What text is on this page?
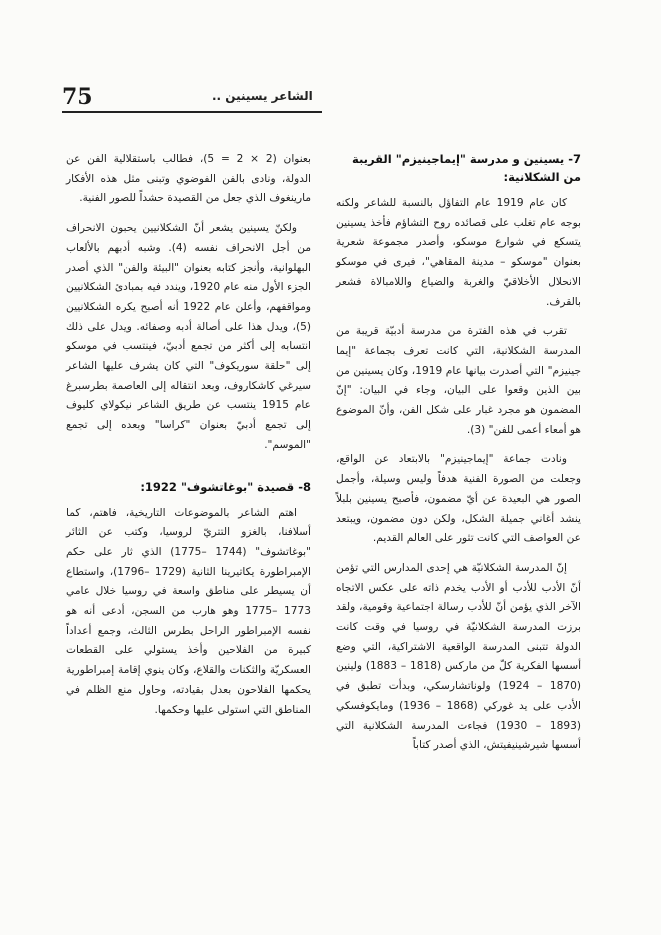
75	الشاعر يسينين ..
7- يسينين و مدرسة "إيماجينيزم" القريبة من الشكلانية:

كان عام 1919 عام التفاؤل بالنسبة للشاعر ولكنه بوجه عام تغلب على قصائده روح التشاؤم فأخذ يسينين يتسكع في شوارع موسكو، وأصدر مجموعة شعرية بعنوان "موسكو – مدينة المقاهي"، فيرى في موسكو الانحلال الأخلاقيّ والغربة والضياع واللامبالاة فشعر بالقرف.

تقرب في هذه الفترة من مدرسة أدبيّة قريبة من المدرسة الشكلانية، التي كانت تعرف بجماعة "إيما جينيزم" التي أصدرت بيانها عام 1919، وكان يسينين من بين الذين وقعوا على البيان، وجاء في البيان: "إنّ المضمون هو مجرد غبار على شكل الفن، وأنّ الموضوع هو أمعاء أعمى للفن" (3).

ونادت جماعة "إيماجينيزم" بالابتعاد عن الواقع، وجعلت من الصورة الفنية هدفاً وليس وسيلة، وأجمل الصور هي البعيدة عن أيّ مضمون، فأصبح يسينين بلبلاً ينشد أغاني جميلة الشكل، ولكن دون مضمون، ويبتعد عن العواصف التي كانت تثور على العالم القديم.

إنّ المدرسة الشكلانيّة هي إحدى المدارس التي تؤمن أنّ الأدب للأدب أو الأدب يخدم ذاته على عكس الاتجاه الآخر الذي يؤمن أنّ للأدب رسالة اجتماعية وقومية، ولقد برزت المدرسة الشكلانيّة في روسيا في وقت كانت الدولة تتبنى المدرسة الواقعية الاشتراكية، التي وضع أسسها الفكرية كلّ من ماركس (1818 – 1883) ولينين (1870 – 1924) ولوناتشارسكي، وبدأت تطبق في الأدب على يد غوركي (1868 – 1936) ومايكوفسكي (1893 – 1930) فجاءت المدرسة الشكلانية التي أسسها شيرشينيفيتش، الذي أصدر كتاباً

بعنوان (2 × 2 = 5)، فطالب باستقلالية الفن عن الدولة، ونادى بالفن الفوضوي وتبنى مثل هذه الأفكار مارينغوف الذي جعل من القصيدة حشداً للصور الفنية.

ولكنّ يسينين يشعر أنّ الشكلانيين يحبون الانحراف من أجل الانحراف نفسه (4). وشبه أدبهم بالألعاب البهلوانية، وأنجز كتابه بعنوان "البيئة والفن" الذي أصدر الجزء الأول منه عام 1920، ويندد فيه بمبادئ الشكلانيين ومواقفهم، وأعلن عام 1922 أنه أصبح يكره الشكلانيين (5)، ويدل هذا على أصالة أدبه وصفائه. ويدل على ذلك انتسابه إلى أكثر من تجمع أدبيّ، فينتسب في موسكو إلى "حلقة سوريكوف" التي كان يشرف عليها الشاعر سيرغي كاشكاروف، وبعد انتقاله إلى العاصمة بطرسبرغ عام 1915 ينتسب عن طريق الشاعر نيكولاي كليوف إلى تجمع أدبيّ بعنوان "كراسا" وبعده إلى تجمع "الموسم".

8- قصيدة "بوغاتشوف" 1922:

اهتم الشاعر بالموضوعات التاريخية، فاهتم، كما أسلافنا، بالغزو التتريّ لروسيا، وكتب عن الثائر "بوغاتشوف" (1744 –1775) الذي ثار على حكم الإمبراطورة يكاتيرينا الثانية (1729 –1796)، واستطاع أن يسيطر على مناطق واسعة في روسيا خلال عامي 1773 –1775 وهو هارب من السجن، أدعى أنه هو نفسه الإمبراطور الراحل بطرس الثالث، وجمع أعداداً كبيرة من الفلاحين وأخذ يستولي على القطعات العسكريّة والثكنات والقلاع، وكان ينوي إقامة إمبراطورية يحكمها الفلاحون بعدل بقيادته، وحاول منع الظلم في المناطق التي استولى عليها وحكمها.
